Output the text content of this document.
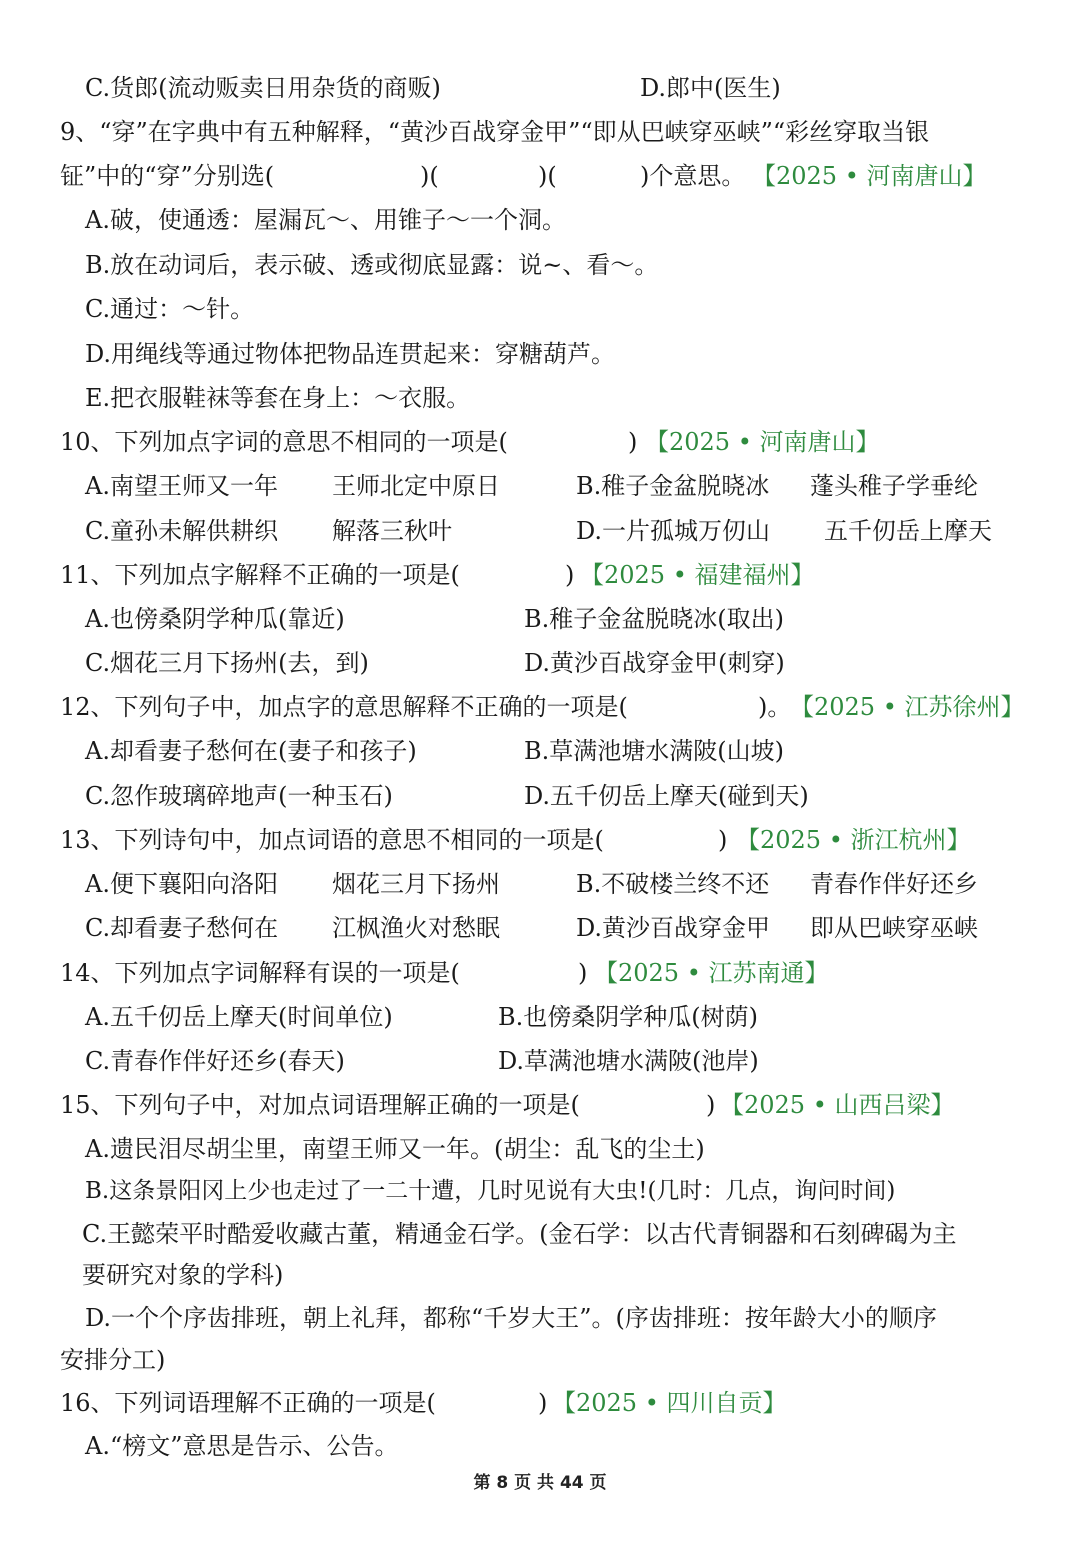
C.货郎(流动贩卖日用杂货的商贩)	D.郎中(医生)
9、“穿”在字典中有五种解释，“黄沙百战穿金甲”“即从巴峡穿巫峡”“彩丝穿取当银
钲”中的“穿”分别选(	)(	)(	)个意思。 【2025 • 河南唐山】
A.破，使通透：屋漏瓦～、用锥子～一个洞。
B.放在动词后，表示破、透或彻底显露：说~、看～。
C.通过：～针。
D.用绳线等通过物体把物品连贯起来：穿糖葫芦。
E.把衣服鞋袜等套在身上：～衣服。
10、下列加点字词的意思不相同的一项是(	) 【2025 • 河南唐山】
A.南望王师又一年 王师北定中原日	B.稚子金盆脱晓冰 蓬头稚子学垂纶
C.童孙未解供耕织 解落三秋叶	D.一片孤城万仞山 五千仞岳上摩天
11、下列加点字解释不正确的一项是(	) 【2025 • 福建福州】
A.也傍桑阴学种瓜(靠近)	B.稚子金盆脱晓冰(取出)
C.烟花三月下扬州(去，到)	D.黄沙百战穿金甲(刺穿)
12、下列句子中，加点字的意思解释不正确的一项是(	)。
【2025 • 江苏徐州】
A.却看妻子愁何在(妻子和孩子)	B.草满池塘水满陂(山坡)
C.忽作玻璃碎地声(一种玉石)	D.五千仞岳上摩天(碰到天)
13、下列诗句中，加点词语的意思不相同的一项是(	) 【2025 • 浙江杭州】
A.便下襄阳向洛阳 烟花三月下扬州	B.不破楼兰终不还 青春作伴好还乡
C.却看妻子愁何在 江枫渔火对愁眠	D.黄沙百战穿金甲 即从巴峡穿巫峡
14、下列加点字词解释有误的一项是(	) 【2025 • 江苏南通】
A.五千仞岳上摩天(时间单位)	B.也傍桑阴学种瓜(树荫)
C.青春作伴好还乡(春天)	D.草满池塘水满陂(池岸)
15、下列句子中，对加点词语理解正确的一项是(	) 【2025 • 山西吕梁】
A.遗民泪尽胡尘里，南望王师又一年。(胡尘：乱飞的尘土)
B.这条景阳冈上少也走过了一二十遭，几时见说有大虫!(几时：几点，询问时间)
C.王懿荣平时酷爱收藏古董，精通金石学。(金石学：以古代青铜器和石刻碑碣为主
要研究对象的学科)
D.一个个序齿排班，朝上礼拜，都称“千岁大王”。(序齿排班：按年龄大小的顺序
安排分工)
16、下列词语理解不正确的一项是(	) 【2025 • 四川自贡】
A.“榜文”意思是告示、公告。
第 8 页 共 44 页
